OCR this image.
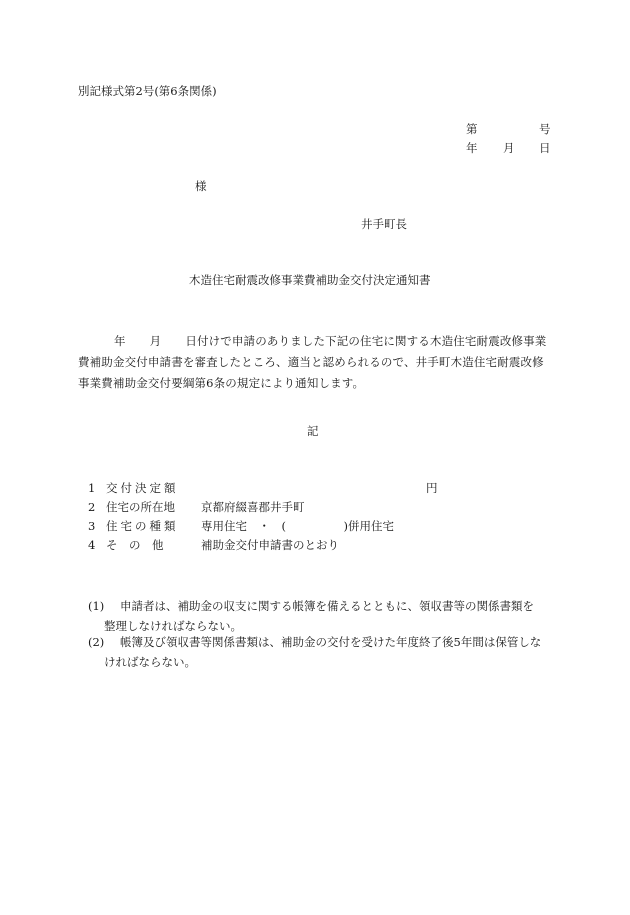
別記様式第2号(第6条関係)
第	号
年 月 日
様
井手町長
木造住宅耐震改修事業費補助金交付決定通知書
年 月 日付けで申請のありました下記の住宅に関する木造住宅耐震改修事業
費補助金交付申請書を審査したところ、適当と認められるので、井手町木造住宅耐震改修
事業費補助金交付要綱第6条の規定により通知します。
記
1 交付決定額	円
2 住宅の所在地 京都府綴喜郡井手町
3 住宅の種類 専用住宅　・　(　　　　　)併用住宅
4 そ　の　他	補助金交付申請書のとおり
(1) 申請者は、補助金の収支に関する帳簿を備えるとともに、領収書等の関係書類を
整理しなければならない。
(2) 帳簿及び領収書等関係書類は、補助金の交付を受けた年度終了後5年間は保管しな
ければならない。
